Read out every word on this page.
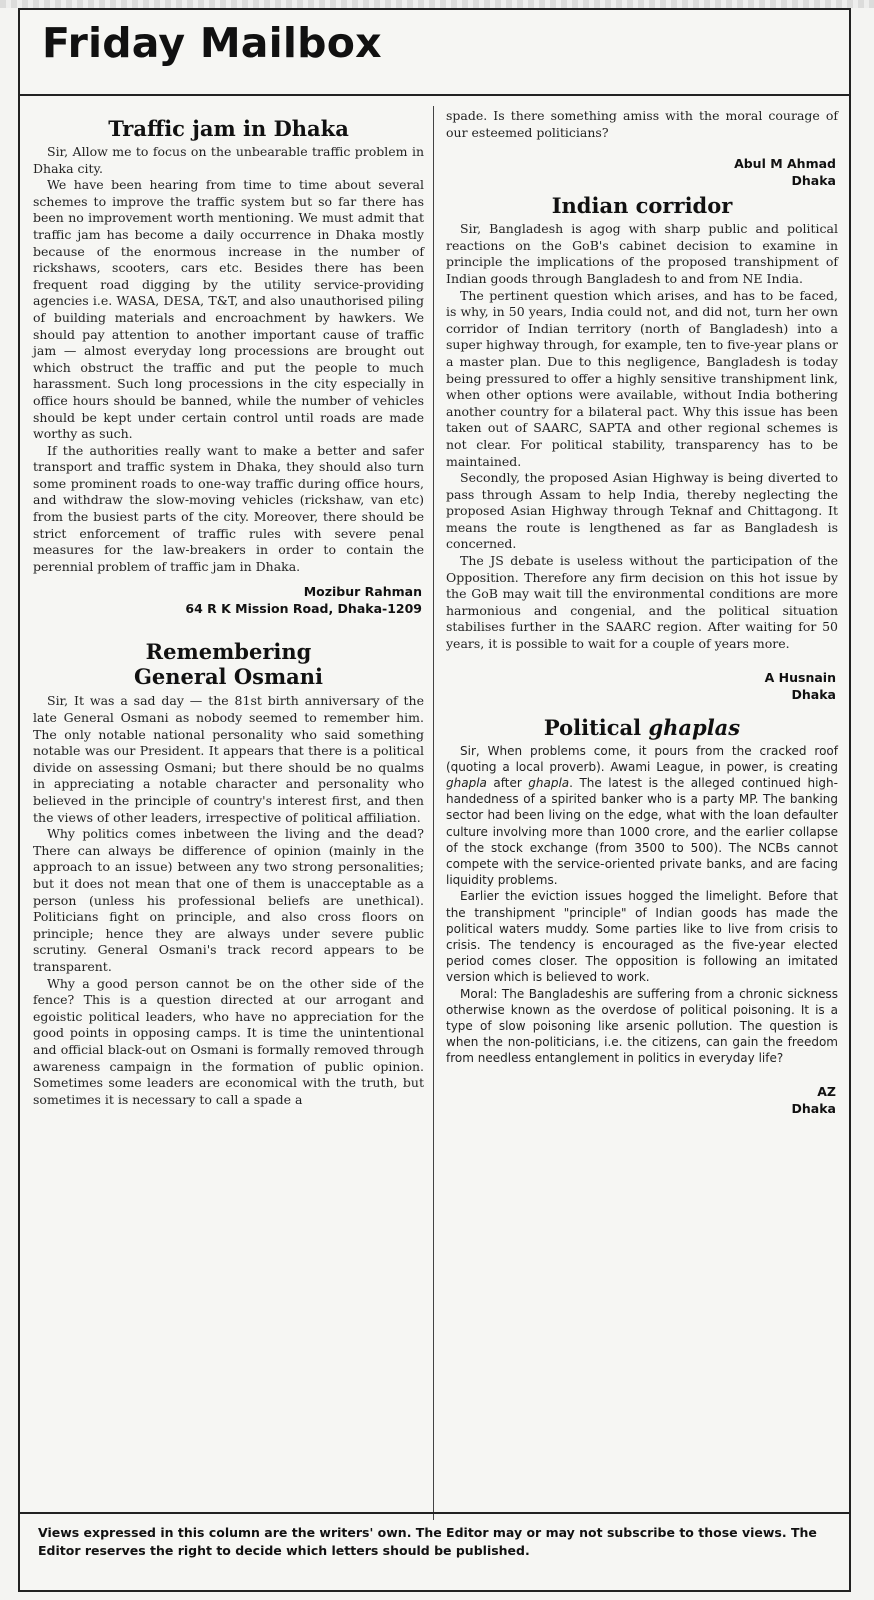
Friday Mailbox
Traffic jam in Dhaka

Sir, Allow me to focus on the unbearable traffic problem in Dhaka city.

We have been hearing from time to time about several schemes to improve the traffic system but so far there has been no improvement worth mentioning. We must admit that traffic jam has become a daily occurrence in Dhaka mostly because of the enormous increase in the number of rickshaws, scooters, cars etc. Besides there has been frequent road digging by the utility service-providing agencies i.e. WASA, DESA, T&T, and also unauthorised piling of building materials and encroachment by hawkers. We should pay attention to another important cause of traffic jam — almost everyday long processions are brought out which obstruct the traffic and put the people to much harassment. Such long processions in the city especially in office hours should be banned, while the number of vehicles should be kept under certain control until roads are made worthy as such.

If the authorities really want to make a better and safer transport and traffic system in Dhaka, they should also turn some prominent roads to one-way traffic during office hours, and withdraw the slow-moving vehicles (rickshaw, van etc) from the busiest parts of the city. Moreover, there should be strict enforcement of traffic rules with severe penal measures for the law-breakers in order to contain the perennial problem of traffic jam in Dhaka.

Mozibur Rahman
64 R K Mission Road, Dhaka-1209
Remembering
General Osmani

Sir, It was a sad day — the 81st birth anniversary of the late General Osmani as nobody seemed to remember him. The only notable national personality who said something notable was our President. It appears that there is a political divide on assessing Osmani; but there should be no qualms in appreciating a notable character and personality who believed in the principle of country's interest first, and then the views of other leaders, irrespective of political affiliation.

Why politics comes inbetween the living and the dead? There can always be difference of opinion (mainly in the approach to an issue) between any two strong personalities; but it does not mean that one of them is unacceptable as a person (unless his professional beliefs are unethical). Politicians fight on principle, and also cross floors on principle; hence they are always under severe public scrutiny. General Osmani's track record appears to be transparent.

Why a good person cannot be on the other side of the fence? This is a question directed at our arrogant and egoistic political leaders, who have no appreciation for the good points in opposing camps. It is time the unintentional and official black-out on Osmani is formally removed through awareness campaign in the formation of public opinion. Sometimes some leaders are economical with the truth, but sometimes it is necessary to call a spade a

spade. Is there something amiss with the moral courage of our esteemed politicians?

Abul M Ahmad
Dhaka
Indian corridor

Sir, Bangladesh is agog with sharp public and political reactions on the GoB's cabinet decision to examine in principle the implications of the proposed transhipment of Indian goods through Bangladesh to and from NE India.

The pertinent question which arises, and has to be faced, is why, in 50 years, India could not, and did not, turn her own corridor of Indian territory (north of Bangladesh) into a super highway through, for example, ten to five-year plans or a master plan. Due to this negligence, Bangladesh is today being pressured to offer a highly sensitive transhipment link, when other options were available, without India bothering another country for a bilateral pact. Why this issue has been taken out of SAARC, SAPTA and other regional schemes is not clear. For political stability, transparency has to be maintained.

Secondly, the proposed Asian Highway is being diverted to pass through Assam to help India, thereby neglecting the proposed Asian Highway through Teknaf and Chittagong. It means the route is lengthened as far as Bangladesh is concerned.

The JS debate is useless without the participation of the Opposition. Therefore any firm decision on this hot issue by the GoB may wait till the environmental conditions are more harmonious and congenial, and the political situation stabilises further in the SAARC region. After waiting for 50 years, it is possible to wait for a couple of years more.

A Husnain
Dhaka
Political ghaplas

Sir, When problems come, it pours from the cracked roof (quoting a local proverb). Awami League, in power, is creating ghapla after ghapla. The latest is the alleged continued high-handedness of a spirited banker who is a party MP. The banking sector had been living on the edge, what with the loan defaulter culture involving more than 1000 crore, and the earlier collapse of the stock exchange (from 3500 to 500). The NCBs cannot compete with the service-oriented private banks, and are facing liquidity problems.

Earlier the eviction issues hogged the limelight. Before that the transhipment "principle" of Indian goods has made the political waters muddy. Some parties like to live from crisis to crisis. The tendency is encouraged as the five-year elected period comes closer. The opposition is following an imitated version which is believed to work.

Moral: The Bangladeshis are suffering from a chronic sickness otherwise known as the overdose of political poisoning. It is a type of slow poisoning like arsenic pollution. The question is when the non-politicians, i.e. the citizens, can gain the freedom from needless entanglement in politics in everyday life?

AZ
Dhaka

Views expressed in this column are the writers' own. The Editor may or may not subscribe to those views. The Editor reserves the right to decide which letters should be published.
